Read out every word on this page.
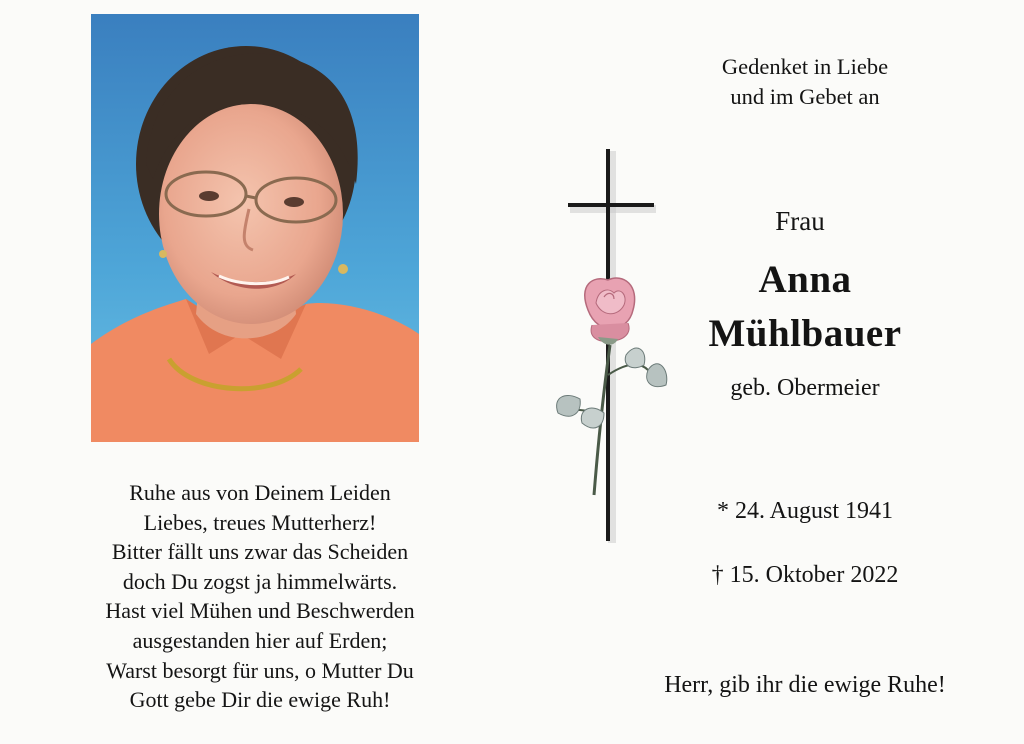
Ruhe aus von Deinem Leiden
Liebes, treues Mutterherz!
Bitter fällt uns zwar das Scheiden
doch Du zogst ja himmelwärts.
Hast viel Mühen und Beschwerden
ausgestanden hier auf Erden;
Warst besorgt für uns, o Mutter Du
Gott gebe Dir die ewige Ruh!
Gedenket in Liebe
und im Gebet an
Frau
Anna
Mühlbauer
geb. Obermeier
* 24. August 1941
† 15. Oktober 2022
Herr, gib ihr die ewige Ruhe!
